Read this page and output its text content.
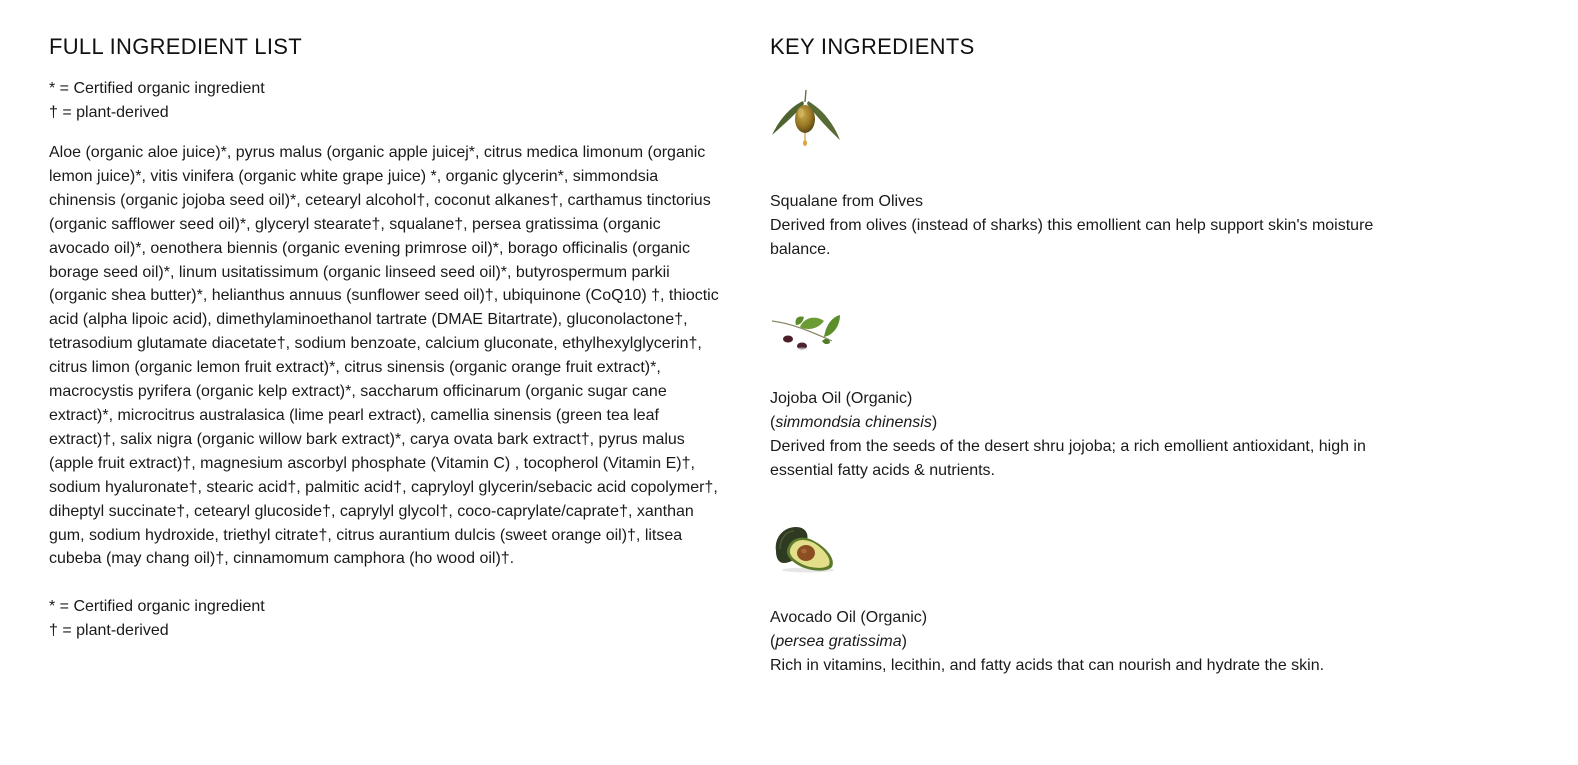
FULL INGREDIENT LIST
* = Certified organic ingredient
† = plant-derived

Aloe (organic aloe juice)*, pyrus malus (organic apple juicej*, citrus medica limonum (organic lemon juice)*, vitis vinifera (organic white grape juice) *, organic glycerin*, simmondsia chinensis (organic jojoba seed oil)*, cetearyl alcohol†, coconut alkanes†, carthamus tinctorius (organic safflower seed oil)*, glyceryl stearate†, squalane†, persea gratissima (organic avocado oil)*, oenothera biennis (organic evening primrose oil)*, borago officinalis (organic borage seed oil)*, linum usitatissimum (organic linseed seed oil)*, butyrospermum parkii (organic shea butter)*, helianthus annuus (sunflower seed oil)†, ubiquinone (CoQ10) †, thioctic acid (alpha lipoic acid), dimethylaminoethanol tartrate (DMAE Bitartrate), gluconolactone†, tetrasodium glutamate diacetate†, sodium benzoate, calcium gluconate, ethylhexylglycerin†, citrus limon (organic lemon fruit extract)*, citrus sinensis (organic orange fruit extract)*, macrocystis pyrifera (organic kelp extract)*, saccharum officinarum (organic sugar cane extract)*, microcitrus australasica (lime pearl extract), camellia sinensis (green tea leaf extract)†, salix nigra (organic willow bark extract)*, carya ovata bark extract†, pyrus malus (apple fruit extract)†, magnesium ascorbyl phosphate (Vitamin C) , tocopherol (Vitamin E)†, sodium hyaluronate†, stearic acid†, palmitic acid†, capryloyl glycerin/sebacic acid copolymer†, diheptyl succinate†, cetearyl glucoside†, caprylyl glycol†, coco-caprylate/caprate†, xanthan gum, sodium hydroxide, triethyl citrate†, citrus aurantium dulcis (sweet orange oil)†, litsea cubeba (may chang oil)†, cinnamomum camphora (ho wood oil)†.

* = Certified organic ingredient
† = plant-derived
KEY INGREDIENTS
Squalane from Olives
Derived from olives (instead of sharks) this emollient can help support skin's moisture balance.
Jojoba Oil (Organic)
(simmondsia chinensis)
Derived from the seeds of the desert shru jojoba; a rich emollient antioxidant, high in essential fatty acids & nutrients.
Avocado Oil (Organic)
(persea gratissima)
Rich in vitamins, lecithin, and fatty acids that can nourish and hydrate the skin.
